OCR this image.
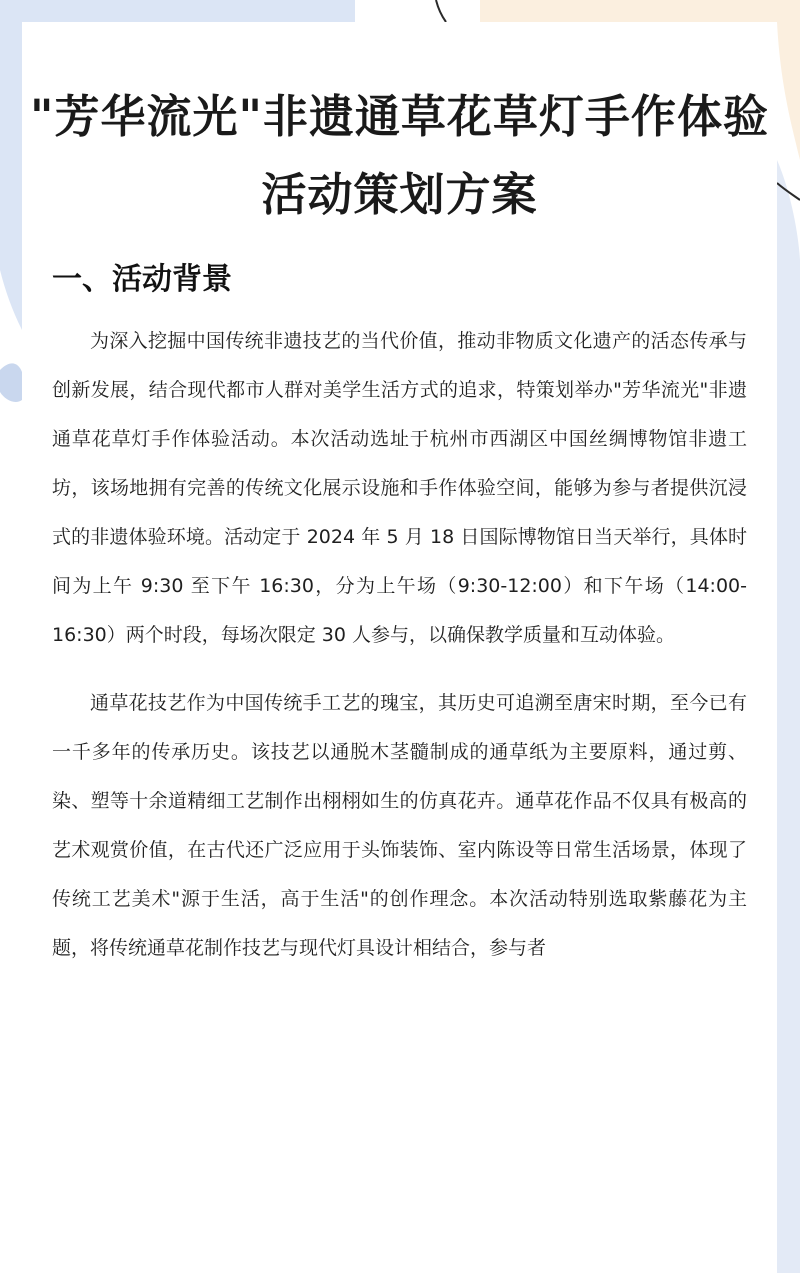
"芳华流光"非遗通草花草灯手作体验活动策划方案
一、活动背景

为深入挖掘中国传统非遗技艺的当代价值，推动非物质文化遗产的活态传承与创新发展，结合现代都市人群对美学生活方式的追求，特策划举办"芳华流光"非遗通草花草灯手作体验活动。本次活动选址于杭州市西湖区中国丝绸博物馆非遗工坊，该场地拥有完善的传统文化展示设施和手作体验空间，能够为参与者提供沉浸式的非遗体验环境。活动定于 2024 年 5 月 18 日国际博物馆日当天举行，具体时间为上午 9:30 至下午 16:30，分为上午场（9:30-12:00）和下午场（14:00-16:30）两个时段，每场次限定 30 人参与，以确保教学质量和互动体验。

通草花技艺作为中国传统手工艺的瑰宝，其历史可追溯至唐宋时期，至今已有一千多年的传承历史。该技艺以通脱木茎髓制成的通草纸为主要原料，通过剪、染、塑等十余道精细工艺制作出栩栩如生的仿真花卉。通草花作品不仅具有极高的艺术观赏价值，在古代还广泛应用于头饰装饰、室内陈设等日常生活场景，体现了传统工艺美术"源于生活，高于生活"的创作理念。本次活动特别选取紫藤花为主题，将传统通草花制作技艺与现代灯具设计相结合，参与者
